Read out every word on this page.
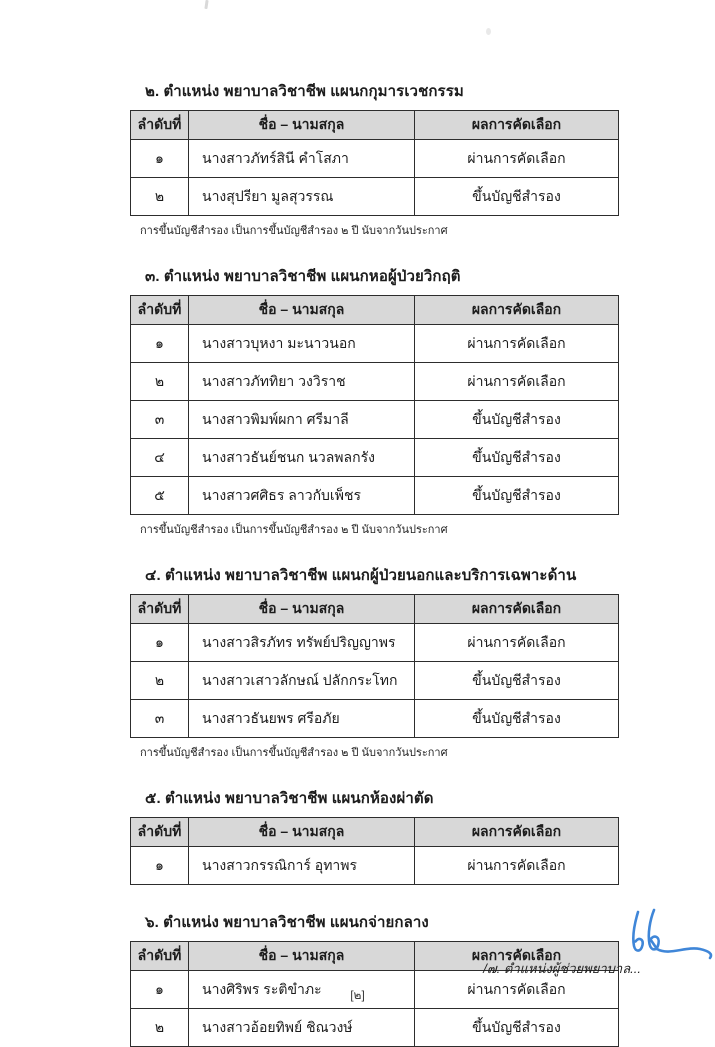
๒. ตำแหน่ง พยาบาลวิชาชีพ แผนกกุมารเวชกรรม
ลำดับที่	ชื่อ – นามสกุล	ผลการคัดเลือก
๑	นางสาวภัทร์สินี คำโสภา	ผ่านการคัดเลือก
๒	นางสุปรียา มูลสุวรรณ	ขึ้นบัญชีสำรอง
การขึ้นบัญชีสำรอง เป็นการขึ้นบัญชีสำรอง ๒ ปี นับจากวันประกาศ
๓. ตำแหน่ง พยาบาลวิชาชีพ แผนกหอผู้ป่วยวิกฤติ
ลำดับที่	ชื่อ – นามสกุล	ผลการคัดเลือก
๑	นางสาวบุหงา มะนาวนอก	ผ่านการคัดเลือก
๒	นางสาวภัททิยา วงวิราช	ผ่านการคัดเลือก
๓	นางสาวพิมพ์ผกา ศรีมาลี	ขึ้นบัญชีสำรอง
๔	นางสาวธันย์ชนก นวลพลกรัง	ขึ้นบัญชีสำรอง
๕	นางสาวศศิธร ลาวกับเพ็ชร	ขึ้นบัญชีสำรอง
การขึ้นบัญชีสำรอง เป็นการขึ้นบัญชีสำรอง ๒ ปี นับจากวันประกาศ
๔. ตำแหน่ง พยาบาลวิชาชีพ แผนกผู้ป่วยนอกและบริการเฉพาะด้าน
ลำดับที่	ชื่อ – นามสกุล	ผลการคัดเลือก
๑	นางสาวสิรภัทร ทรัพย์ปริญญาพร	ผ่านการคัดเลือก
๒	นางสาวเสาวลักษณ์ ปลักกระโทก	ขึ้นบัญชีสำรอง
๓	นางสาวธันยพร ศรีอภัย	ขึ้นบัญชีสำรอง
การขึ้นบัญชีสำรอง เป็นการขึ้นบัญชีสำรอง ๒ ปี นับจากวันประกาศ
๕. ตำแหน่ง พยาบาลวิชาชีพ แผนกห้องผ่าตัด
ลำดับที่	ชื่อ – นามสกุล	ผลการคัดเลือก
๑	นางสาวกรรณิการ์ อุทาพร	ผ่านการคัดเลือก
๖. ตำแหน่ง พยาบาลวิชาชีพ แผนกจ่ายกลาง
ลำดับที่	ชื่อ – นามสกุล	ผลการคัดเลือก
๑	นางศิริพร ระติขำภะ	ผ่านการคัดเลือก
๒	นางสาวอ้อยทิพย์ ชิณวงษ์	ขึ้นบัญชีสำรอง
/๗. ตำแหน่งผู้ช่วยพยาบาล...
[๒]
